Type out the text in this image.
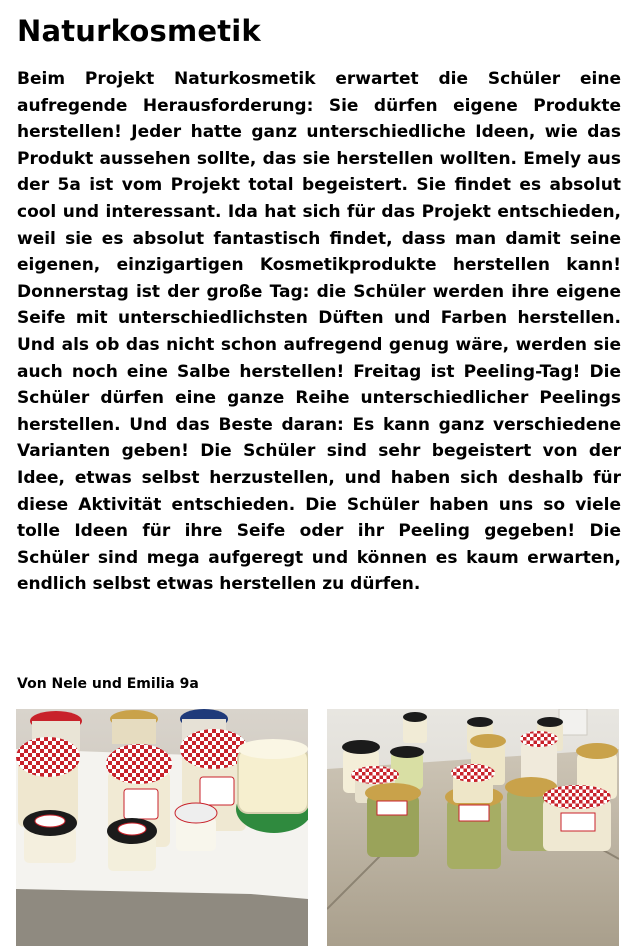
Naturkosmetik

Beim Projekt Naturkosmetik erwartet die Schüler eine aufregende Herausforderung: Sie dürfen eigene Produkte herstellen! Jeder hatte ganz unterschiedliche Ideen, wie das Produkt aussehen sollte, das sie herstellen wollten. Emely aus der 5a ist vom Projekt total begeistert. Sie findet es absolut cool und interessant. Ida hat sich für das Projekt entschieden, weil sie es absolut fantastisch findet, dass man damit seine eigenen, einzigartigen Kosmetikprodukte herstellen kann! Donnerstag ist der große Tag: die Schüler werden ihre eigene Seife mit unterschiedlichsten Düften und Farben herstellen. Und als ob das nicht schon aufregend genug wäre, werden sie auch noch eine Salbe herstellen! Freitag ist Peeling-Tag! Die Schüler dürfen eine ganze Reihe unterschiedlicher Peelings herstellen. Und das Beste daran: Es kann ganz verschiedene Varianten geben! Die Schüler sind sehr begeistert von der Idee, etwas selbst herzustellen, und haben sich deshalb für diese Aktivität entschieden. Die Schüler haben uns so viele tolle Ideen für ihre Seife oder ihr Peeling gegeben! Die Schüler sind mega aufgeregt und können es kaum erwarten, endlich selbst etwas herstellen zu dürfen.

Von Nele und Emilia 9a
